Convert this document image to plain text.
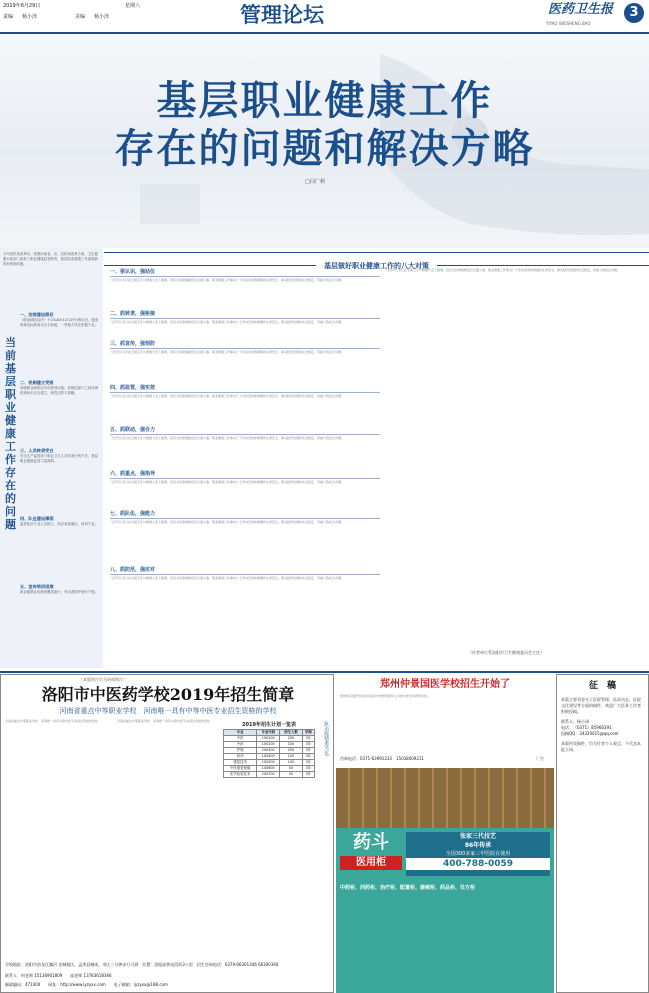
2019年6月29日	星期六
责编 杨小泽	美编 杨小泽	管理论坛	医药卫生报
YIYAO WEISHENG BAO
3
基层职业健康工作
存在的问题和解决方略
□闫广利
今年是机构改革年，按照河南省、市、县机构改革方案，卫生健康行政部门承担了职业健康监管职责，基层职业健康工作面临新的形势和问题。
当
前
基
层
职
业
健
康
工
作
存
在
的
问
题
一、法规建设滞后
《职业病防治法》于2018年12月29日修订后，配套规章及标准尚未完全衔接，一些地方执法依据不足。
二、机制建立受限
省级职业病防治专项规划实施，但基层部门之间协调机制尚未完全建立，职责边界不清晰。
三、人员转隶受白
安全生产监管部门职业卫生人员转隶比例不足，基层职业健康监管力量薄弱。
四、队伍建设薄弱
监管队伍专业人员缺乏，执法装备落后，培训不足。
五、宣传培训困难
职业健康宣传教育覆盖面小，劳动者防护意识不强。
基层做好职业健康工作的八大对策
一、狠认识，强站位
习近平总书记在全国卫生与健康大会上强调，没有全民健康就没有全面小康。职业健康工作事关广大劳动者身体健康和生命安全，事关经济发展和社会稳定，是重大的民生问题。
二、抓转隶，强衔接
习近平总书记在全国卫生与健康大会上强调，没有全民健康就没有全面小康。职业健康工作事关广大劳动者身体健康和生命安全，事关经济发展和社会稳定，是重大的民生问题。
三、抓宣传，强预防
习近平总书记在全国卫生与健康大会上强调，没有全民健康就没有全面小康。职业健康工作事关广大劳动者身体健康和生命安全，事关经济发展和社会稳定，是重大的民生问题。
四、抓监管，强实效
习近平总书记在全国卫生与健康大会上强调，没有全民健康就没有全面小康。职业健康工作事关广大劳动者身体健康和生命安全，事关经济发展和社会稳定，是重大的民生问题。
五、抓联动，强合力
习近平总书记在全国卫生与健康大会上强调，没有全民健康就没有全面小康。职业健康工作事关广大劳动者身体健康和生命安全，事关经济发展和社会稳定，是重大的民生问题。
六、抓重点，强指导
习近平总书记在全国卫生与健康大会上强调，没有全民健康就没有全面小康。职业健康工作事关广大劳动者身体健康和生命安全，事关经济发展和社会稳定，是重大的民生问题。
七、抓队伍，强能力
习近平总书记在全国卫生与健康大会上强调，没有全民健康就没有全面小康。职业健康工作事关广大劳动者身体健康和生命安全，事关经济发展和社会稳定，是重大的民生问题。
八、抓防范，强应对
习近平总书记在全国卫生与健康大会上强调，没有全民健康就没有全面小康。职业健康工作事关广大劳动者身体健康和生命安全，事关经济发展和社会稳定，是重大的民生问题。
习近平总书记在全国卫生与健康大会上强调，没有全民健康就没有全面小康。职业健康工作事关广大劳动者身体健康和生命安全，事关经济发展和社会稳定，是重大的民生问题。
（作者单位系洛阳市卫生健康委员会主任）
（本版图片均为资料图片）
洛阳市中医药学校2019年招生简章
河南省重点中等职业学校　河南唯一具有中等中医专业招生资格的学校
河南省重点中等职业学校　河南唯一具有中等中医专业招生资格的学校	河南省重点中等职业学校　河南唯一具有中等中医专业招生资格的学校
2019年招生计划一览表
专业	专业代码	招生人数	学制
中医	100100	200	3年
中药	100200	100	3年
护理	100300	200	3年
药剂	100400	100	3年
康复技术	100500	100	3年
中医康复保健	100600	50	3年
医学检验技术	100700	50	3年
抗击疫情勇当先
学校地址：洛阳市洛龙区瀍河 老城校区，孟津县城南，市区三分钟步行可到　位置：洛阳高铁站西约3公里　招生咨询电话：0379-66301346 66300360
联系人：何老师 15136901809　　高老师 13783618366
邮政编码：471400　　网址：http://www.lyzyxx.com　　电子邮箱：lyzyxx@188.com
郑州仲景国医学校招生开始了
郑州仲景国医学校是河南省中医药管理局主办的中医学历教育学校。
咨询电话：0371-63991233　15038009211	广告
药斗
医用柜
张家三代技艺
86年传承
全国300多家三甲医院在使用
400-788-0059
中药柜、西药柜、治疗柜、配置柜、器械柜、药品柜、处方柜
征　稿
本版主要刊登关于医院管理、医改动态、医院文化建设等方面的稿件，欢迎广大医务工作者积极投稿。
联系人：杨小泽
电话：（0371）85966391
投稿QQ：34320015@qq.com
本版所发稿件，均为作者个人观点，不代表本报立场。
